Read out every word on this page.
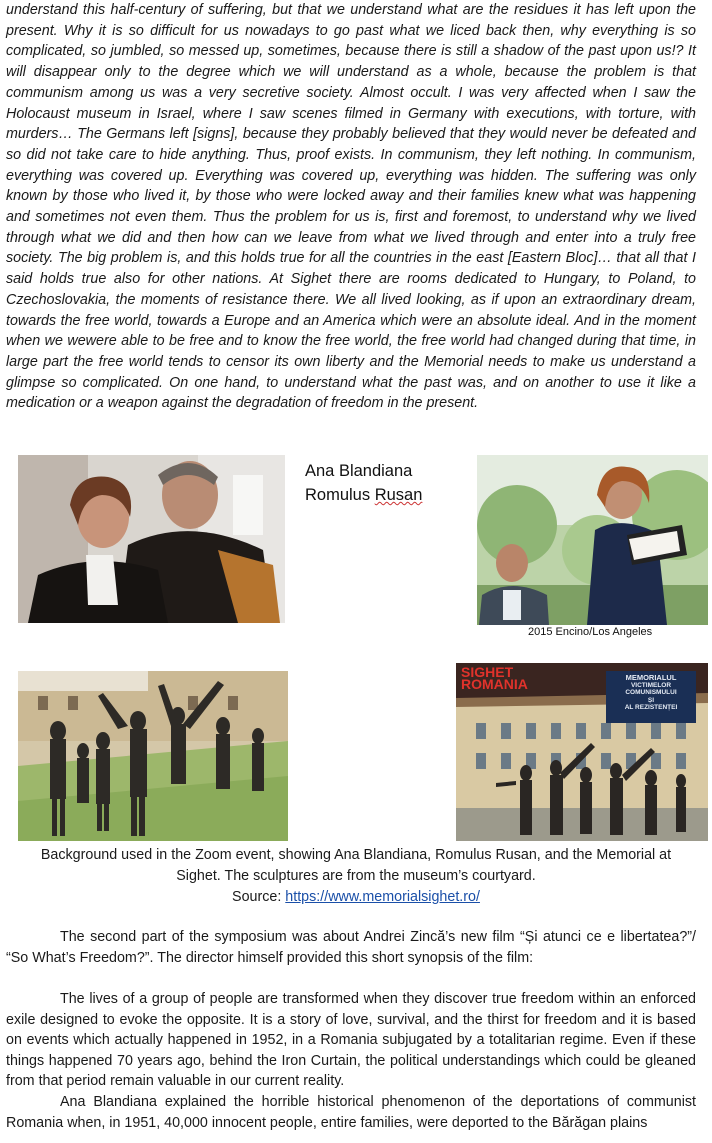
understand this half-century of suffering, but that we understand what are the residues it has left upon the present. Why it is so difficult for us nowadays to go past what we liced back then, why everything is so complicated, so jumbled, so messed up, sometimes, because there is still a shadow of the past upon us!? It will disappear only to the degree which we will understand as a whole, because the problem is that communism among us was a very secretive society. Almost occult. I was very affected when I saw the Holocaust museum in Israel, where I saw scenes filmed in Germany with executions, with torture, with murders… The Germans left [signs], because they probably believed that they would never be defeated and so did not take care to hide anything. Thus, proof exists. In communism, they left nothing. In communism, everything was covered up. Everything was covered up, everything was hidden. The suffering was only known by those who lived it, by those who were locked away and their families knew what was happening and sometimes not even them. Thus the problem for us is, first and foremost, to understand why we lived through what we did and then how can we leave from what we lived through and enter into a truly free society. The big problem is, and this holds true for all the countries in the east [Eastern Bloc]… that all that I said holds true also for other nations. At Sighet there are rooms dedicated to Hungary, to Poland, to Czechoslovakia, the moments of resistance there. We all lived looking, as if upon an extraordinary dream, towards the free world, towards a Europe and an America which were an absolute ideal. And in the moment when we wewere able to be free and to know the free world, the free world had changed during that time, in large part the free world tends to censor its own liberty and the Memorial needs to make us understand a glimpse so complicated. On one hand, to understand what the past was, and on another to use it like a medication or a weapon against the degradation of freedom in the present.

Ana Blandiana
Romulus Rusan
2015 Encino/Los Angeles
SIGHET
ROMANIA	MEMORIALUL
VICTIMELOR
COMUNISMULUI
ȘI
AL REZISTENȚEI
Background used in the Zoom event, showing Ana Blandiana, Romulus Rusan, and the Memorial at
Sighet. The sculptures are from the museum’s courtyard.
Source: https://www.memorialsighet.ro/

The second part of the symposium was about Andrei Zincă’s new film “Și atunci ce e libertatea?”/ “So What’s Freedom?”. The director himself provided this short synopsis of the film:

The lives of a group of people are transformed when they discover true freedom within an enforced exile designed to evoke the opposite. It is a story of love, survival, and the thirst for freedom and it is based on events which actually happened in 1952, in a Romania subjugated by a totalitarian regime. Even if these things happened 70 years ago, behind the Iron Curtain, the political understandings which could be gleaned from that period remain valuable in our current reality.

Ana Blandiana explained the horrible historical phenomenon of the deportations of communist Romania when, in 1951, 40,000 innocent people, entire families, were deported to the Bărăgan plains
